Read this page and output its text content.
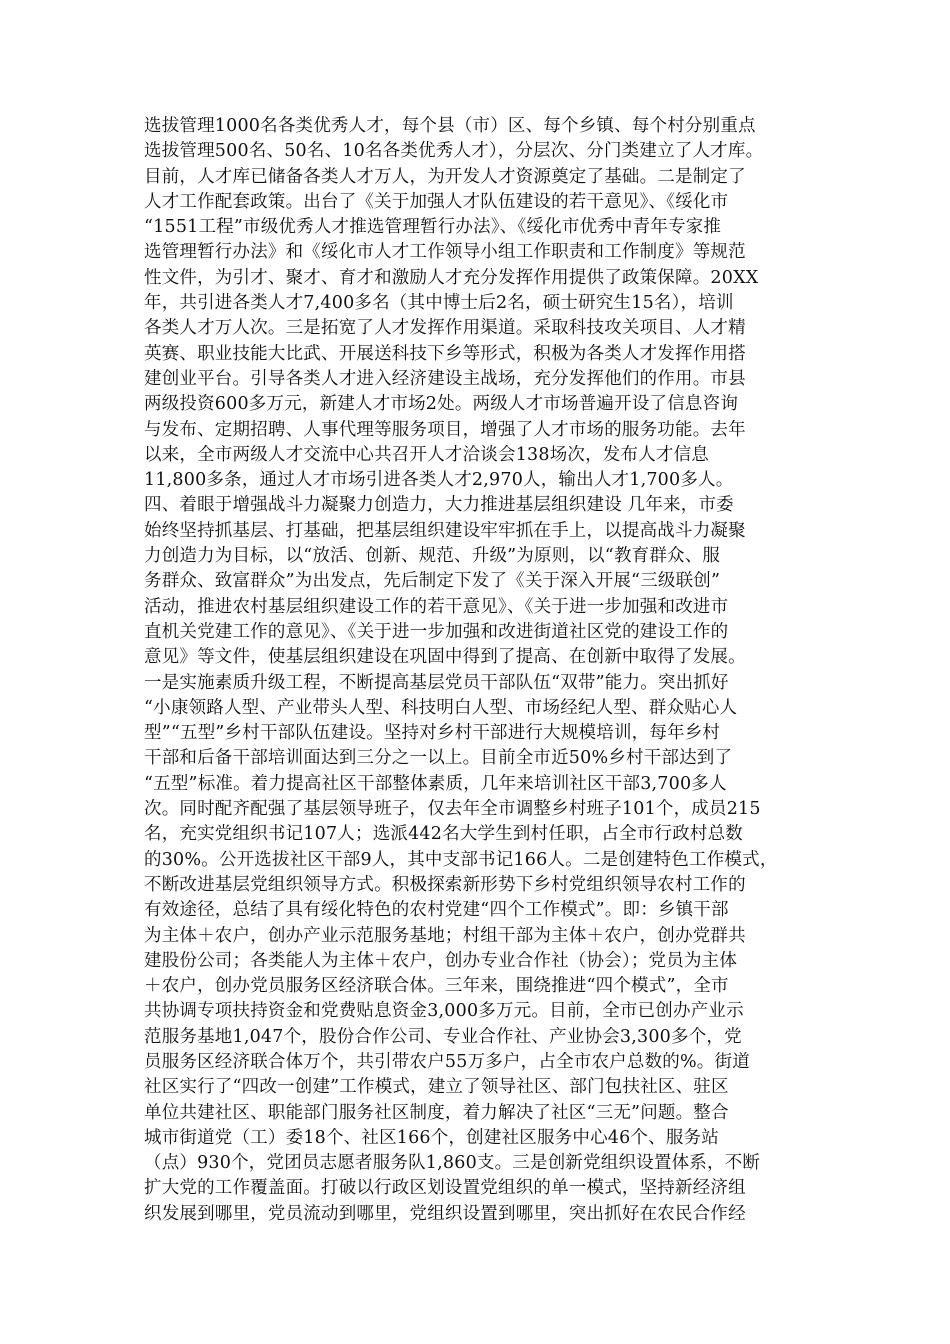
选拔管理1000名各类优秀人才，每个县（市）区、每个乡镇、每个村分别重点
选拔管理500名、50名、10名各类优秀人才），分层次、分门类建立了人才库。
目前，人才库已储备各类人才万人，为开发人才资源奠定了基础。二是制定了
人才工作配套政策。出台了《关于加强人才队伍建设的若干意见》、《绥化市
“1551工程”市级优秀人才推选管理暂行办法》、《绥化市优秀中青年专家推
选管理暂行办法》和《绥化市人才工作领导小组工作职责和工作制度》等规范
性文件，为引才、聚才、育才和激励人才充分发挥作用提供了政策保障。20XX
年，共引进各类人才7,400多名（其中博士后2名，硕士研究生15名），培训
各类人才万人次。三是拓宽了人才发挥作用渠道。采取科技攻关项目、人才精
英赛、职业技能大比武、开展送科技下乡等形式，积极为各类人才发挥作用搭
建创业平台。引导各类人才进入经济建设主战场，充分发挥他们的作用。市县
两级投资600多万元，新建人才市场2处。两级人才市场普遍开设了信息咨询
与发布、定期招聘、人事代理等服务项目，增强了人才市场的服务功能。去年
以来，全市两级人才交流中心共召开人才洽谈会138场次，发布人才信息
11,800多条，通过人才市场引进各类人才2,970人，输出人才1,700多人。
四、着眼于增强战斗力凝聚力创造力，大力推进基层组织建设 几年来，市委
始终坚持抓基层、打基础，把基层组织建设牢牢抓在手上，以提高战斗力凝聚
力创造力为目标，以“放活、创新、规范、升级”为原则，以“教育群众、服
务群众、致富群众”为出发点，先后制定下发了《关于深入开展“三级联创”
活动，推进农村基层组织建设工作的若干意见》、《关于进一步加强和改进市
直机关党建工作的意见》、《关于进一步加强和改进街道社区党的建设工作的
意见》等文件，使基层组织建设在巩固中得到了提高、在创新中取得了发展。
一是实施素质升级工程，不断提高基层党员干部队伍“双带”能力。突出抓好
“小康领路人型、产业带头人型、科技明白人型、市场经纪人型、群众贴心人
型”“五型”乡村干部队伍建设。坚持对乡村干部进行大规模培训，每年乡村
干部和后备干部培训面达到三分之一以上。目前全市近50%乡村干部达到了
“五型”标准。着力提高社区干部整体素质，几年来培训社区干部3,700多人
次。同时配齐配强了基层领导班子，仅去年全市调整乡村班子101个，成员215
名，充实党组织书记107人；选派442名大学生到村任职，占全市行政村总数
的30%。公开选拔社区干部9人，其中支部书记166人。二是创建特色工作模式，
不断改进基层党组织领导方式。积极探索新形势下乡村党组织领导农村工作的
有效途径，总结了具有绥化特色的农村党建“四个工作模式”。即：乡镇干部
为主体＋农户，创办产业示范服务基地；村组干部为主体＋农户，创办党群共
建股份公司；各类能人为主体＋农户，创办专业合作社（协会）；党员为主体
＋农户，创办党员服务区经济联合体。三年来，围绕推进“四个模式”，全市
共协调专项扶持资金和党费贴息资金3,000多万元。目前，全市已创办产业示
范服务基地1,047个，股份合作公司、专业合作社、产业协会3,300多个，党
员服务区经济联合体万个，共引带农户55万多户，占全市农户总数的%。街道
社区实行了“四改一创建”工作模式，建立了领导社区、部门包扶社区、驻区
单位共建社区、职能部门服务社区制度，着力解决了社区“三无”问题。整合
城市街道党（工）委18个、社区166个，创建社区服务中心46个、服务站
（点）930个，党团员志愿者服务队1,860支。三是创新党组织设置体系，不断
扩大党的工作覆盖面。打破以行政区划设置党组织的单一模式，坚持新经济组
织发展到哪里，党员流动到哪里，党组织设置到哪里，突出抓好在农民合作经
